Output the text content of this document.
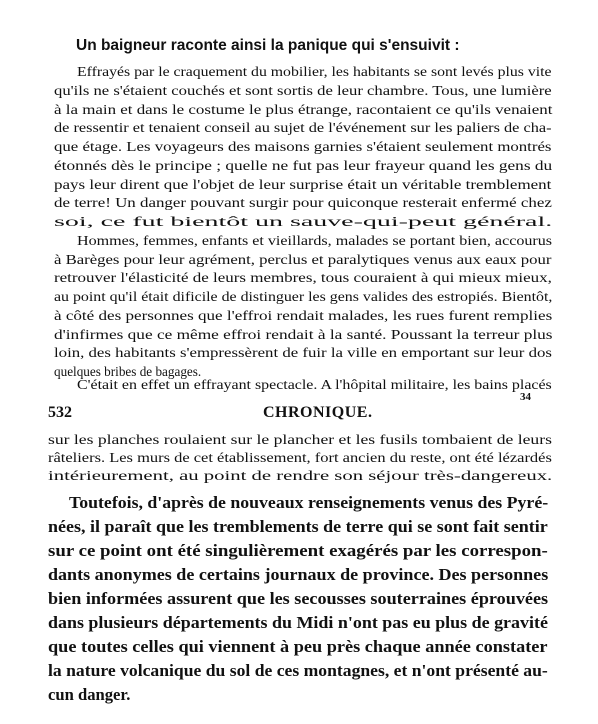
Un baigneur raconte ainsi la panique qui s'ensuivit :
Effrayés par le craquement du mobilier, les habitants se sont levés plus vite
qu'ils ne s'étaient couchés et sont sortis de leur chambre. Tous, une lumière
à la main et dans le costume le plus étrange, racontaient ce qu'ils venaient
de ressentir et tenaient conseil au sujet de l'événement sur les paliers de cha-
que étage. Les voyageurs des maisons garnies s'étaient seulement montrés
étonnés dès le principe ; quelle ne fut pas leur frayeur quand les gens du
pays leur dirent que l'objet de leur surprise était un véritable tremblement
de terre! Un danger pouvant surgir pour quiconque resterait enfermé chez
soi, ce fut bientôt un sauve-qui-peut général.
Hommes, femmes, enfants et vieillards, malades se portant bien, accourus
à Barèges pour leur agrément, perclus et paralytiques venus aux eaux pour
retrouver l'élasticité de leurs membres, tous couraient à qui mieux mieux,
au point qu'il était dificile de distinguer les gens valides des estropiés. Bientôt,
à côté des personnes que l'effroi rendait malades, les rues furent remplies
d'infirmes que ce même effroi rendait à la santé. Poussant la terreur plus
loin, des habitants s'empressèrent de fuir la ville en emportant sur leur dos
quelques bribes de bagages.
C'était en effet un effrayant spectacle. A l'hôpital militaire, les bains placés
34
532	CHRONIQUE.
sur les planches roulaient sur le plancher et les fusils tombaient de leurs
râteliers. Les murs de cet établissement, fort ancien du reste, ont été lézardés
intérieurement, au point de rendre son séjour très-dangereux.
Toutefois, d'après de nouveaux renseignements venus des Pyré-
nées, il paraît que les tremblements de terre qui se sont fait sentir
sur ce point ont été singulièrement exagérés par les correspon-
dants anonymes de certains journaux de province. Des personnes
bien informées assurent que les secousses souterraines éprouvées
dans plusieurs départements du Midi n'ont pas eu plus de gravité
que toutes celles qui viennent à peu près chaque année constater
la nature volcanique du sol de ces montagnes, et n'ont présenté au-
cun danger.
